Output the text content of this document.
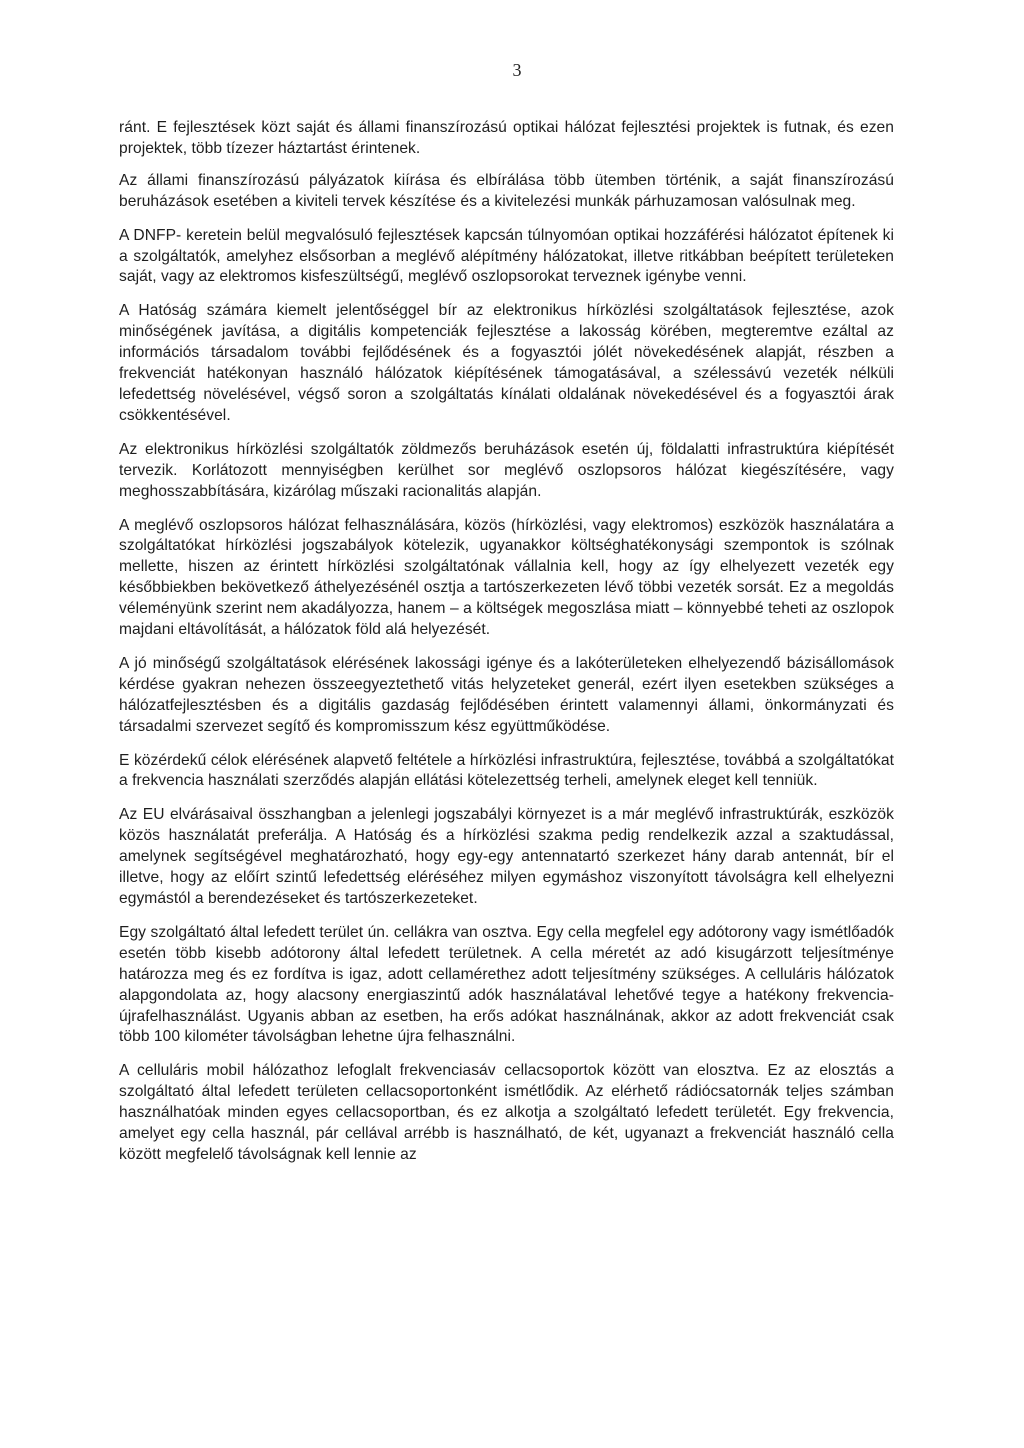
3

ránt. E fejlesztések közt saját és állami finanszírozású optikai hálózat fejlesztési projektek is futnak, és ezen projektek, több tízezer háztartást érintenek.

Az állami finanszírozású pályázatok kiírása és elbírálása több ütemben történik, a saját finanszírozású beruházások esetében a kiviteli tervek készítése és a kivitelezési munkák párhuzamosan valósulnak meg.

A DNFP- keretein belül megvalósuló fejlesztések kapcsán túlnyomóan optikai hozzáférési hálózatot építenek ki a szolgáltatók, amelyhez elsősorban a meglévő alépítmény hálózatokat, illetve ritkábban beépített területeken saját, vagy az elektromos kisfeszültségű, meglévő oszlopsorokat terveznek igénybe venni.

A Hatóság számára kiemelt jelentőséggel bír az elektronikus hírközlési szolgáltatások fejlesztése, azok minőségének javítása, a digitális kompetenciák fejlesztése a lakosság körében, megteremtve ezáltal az információs társadalom további fejlődésének és a fogyasztói jólét növekedésének alapját, részben a frekvenciát hatékonyan használó hálózatok kiépítésének támogatásával, a szélessávú vezeték nélküli lefedettség növelésével, végső soron a szolgáltatás kínálati oldalának növekedésével és a fogyasztói árak csökkentésével.

Az elektronikus hírközlési szolgáltatók zöldmezős beruházások esetén új, földalatti infrastruktúra kiépítését tervezik. Korlátozott mennyiségben kerülhet sor meglévő oszlopsoros hálózat kiegészítésére, vagy meghosszabbítására, kizárólag műszaki racionalitás alapján.

A meglévő oszlopsoros hálózat felhasználására, közös (hírközlési, vagy elektromos) eszközök használatára a szolgáltatókat hírközlési jogszabályok kötelezik, ugyanakkor költséghatékonysági szempontok is szólnak mellette, hiszen az érintett hírközlési szolgáltatónak vállalnia kell, hogy az így elhelyezett vezeték egy későbbiekben bekövetkező áthelyezésénél osztja a tartószerkezeten lévő többi vezeték sorsát. Ez a megoldás véleményünk szerint nem akadályozza, hanem – a költségek megoszlása miatt – könnyebbé teheti az oszlopok majdani eltávolítását, a hálózatok föld alá helyezését.

A jó minőségű szolgáltatások elérésének lakossági igénye és a lakóterületeken elhelyezendő bázisállomások kérdése gyakran nehezen összeegyeztethető vitás helyzeteket generál, ezért ilyen esetekben szükséges a hálózatfejlesztésben és a digitális gazdaság fejlődésében érintett valamennyi állami, önkormányzati és társadalmi szervezet segítő és kompromisszum kész együttműködése.

E közérdekű célok elérésének alapvető feltétele a hírközlési infrastruktúra, fejlesztése, továbbá a szolgáltatókat a frekvencia használati szerződés alapján ellátási kötelezettség terheli, amelynek eleget kell tenniük.

Az EU elvárásaival összhangban a jelenlegi jogszabályi környezet is a már meglévő infrastruktúrák, eszközök közös használatát preferálja. A Hatóság és a hírközlési szakma pedig rendelkezik azzal a szaktudással, amelynek segítségével meghatározható, hogy egy-egy antennatartó szerkezet hány darab antennát, bír el illetve, hogy az előírt szintű lefedettség eléréséhez milyen egymáshoz viszonyított távolságra kell elhelyezni egymástól a berendezéseket és tartószerkezeteket.

Egy szolgáltató által lefedett terület ún. cellákra van osztva. Egy cella megfelel egy adótorony vagy ismétlőadók esetén több kisebb adótorony által lefedett területnek. A cella méretét az adó kisugárzott teljesítménye határozza meg és ez fordítva is igaz, adott cellamérethez adott teljesítmény szükséges. A celluláris hálózatok alapgondolata az, hogy alacsony energiaszintű adók használatával lehetővé tegye a hatékony frekvencia-újrafelhasználást. Ugyanis abban az esetben, ha erős adókat használnának, akkor az adott frekvenciát csak több 100 kilométer távolságban lehetne újra felhasználni.

A celluláris mobil hálózathoz lefoglalt frekvenciasáv cellacsoportok között van elosztva. Ez az elosztás a szolgáltató által lefedett területen cellacsoportonként ismétlődik. Az elérhető rádiócsatornák teljes számban használhatóak minden egyes cellacsoportban, és ez alkotja a szolgáltató lefedett területét. Egy frekvencia, amelyet egy cella használ, pár cellával arrébb is használható, de két, ugyanazt a frekvenciát használó cella között megfelelő távolságnak kell lennie az
